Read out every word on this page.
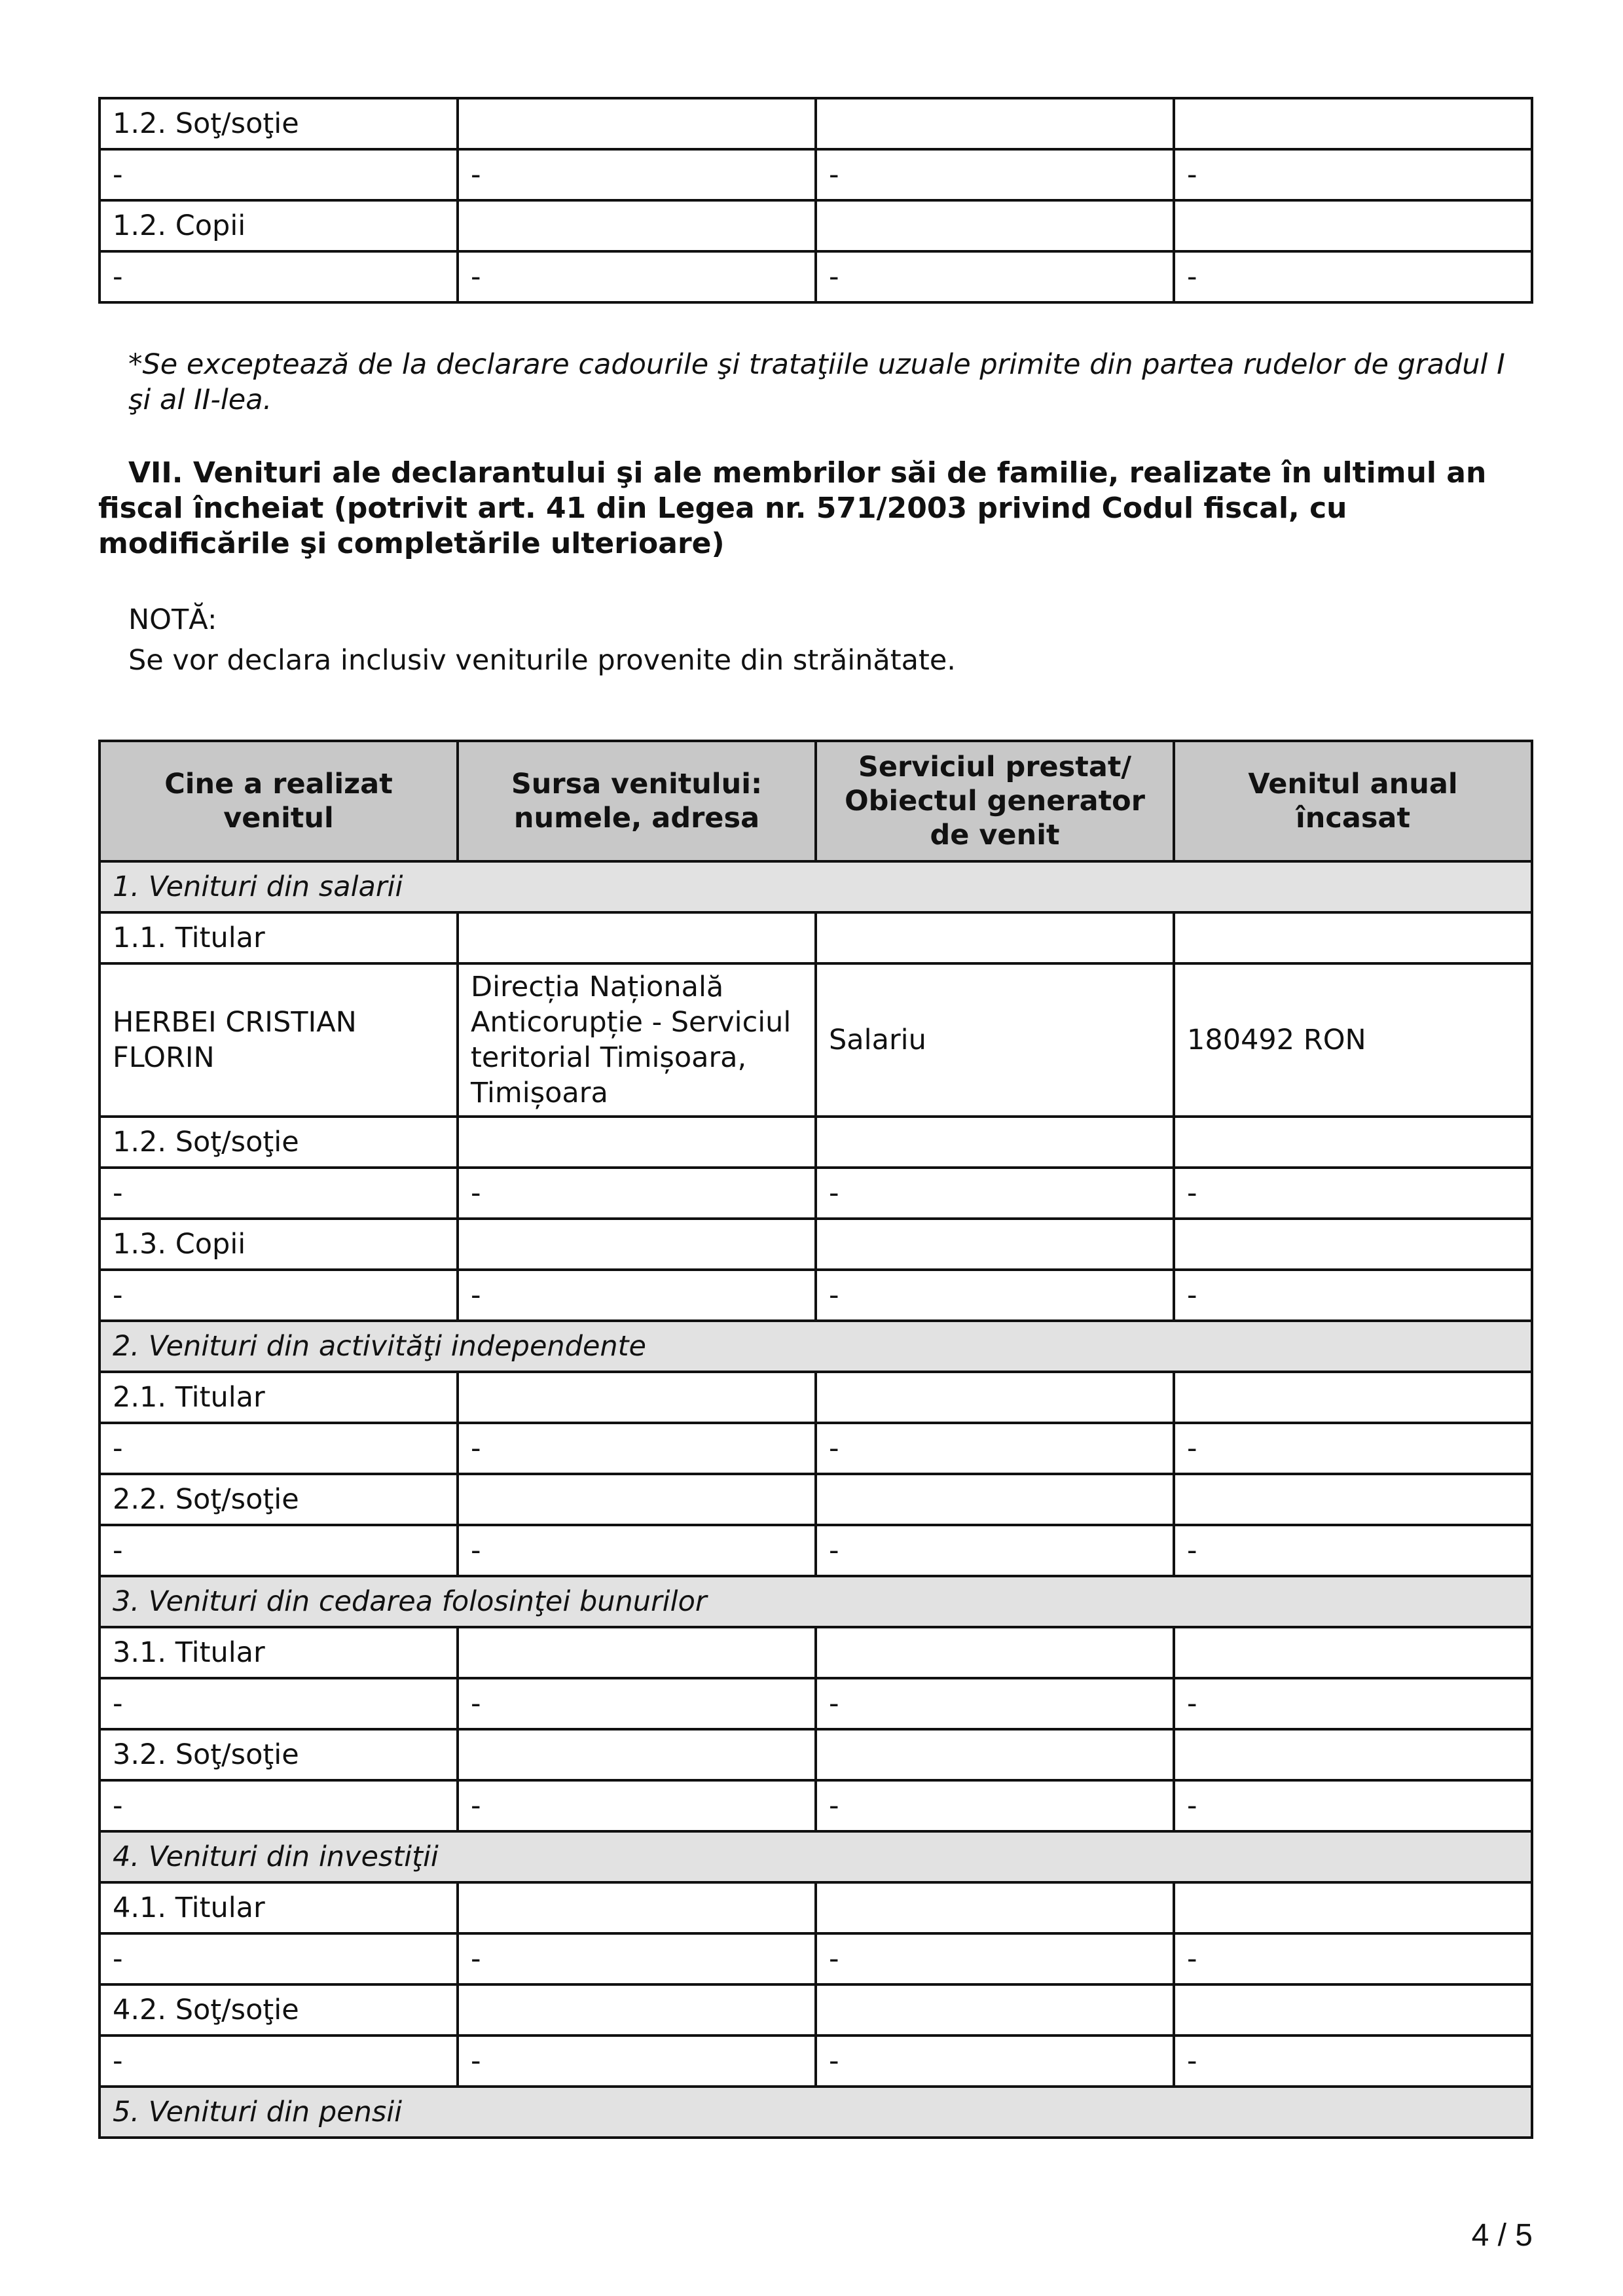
1.2. Soţ/soţie			
-	-	-	-
1.2. Copii			
-	-	-	-
*Se exceptează de la declarare cadourile şi trataţiile uzuale primite din partea rudelor de gradul I şi al II-lea.
VII. Venituri ale declarantului şi ale membrilor săi de familie, realizate în ultimul an fiscal încheiat (potrivit art. 41 din Legea nr. 571/2003 privind Codul fiscal, cu modificările şi completările ulterioare)
NOTĂ:
Se vor declara inclusiv veniturile provenite din străinătate.
Cine a realizat venitul	Sursa venitului: numele, adresa	Serviciul prestat/ Obiectul generator de venit	Venitul anual încasat
1. Venituri din salarii			
1.1. Titular			
HERBEI CRISTIAN FLORIN	Direcția Națională Anticorupție - Serviciul teritorial Timișoara, Timișoara	Salariu	180492 RON
1.2. Soţ/soţie			
-	-	-	-
1.3. Copii			
-	-	-	-
2. Venituri din activităţi independente			
2.1. Titular			
-	-	-	-
2.2. Soţ/soţie			
-	-	-	-
3. Venituri din cedarea folosinţei bunurilor			
3.1. Titular			
-	-	-	-
3.2. Soţ/soţie			
-	-	-	-
4. Venituri din investiţii			
4.1. Titular			
-	-	-	-
4.2. Soţ/soţie			
-	-	-	-
5. Venituri din pensii			
4 / 5
